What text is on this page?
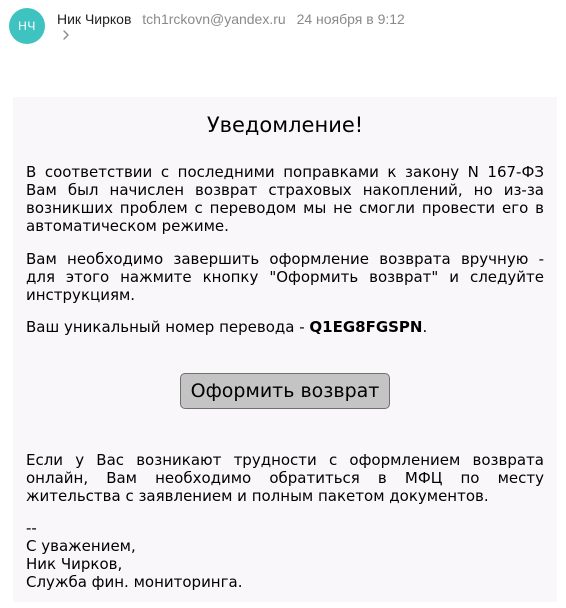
НЧ	Ник Чирков tch1rckovn@yandex.ru 24 ноября в 9:12
Уведомление!

В соответствии с последними поправками к закону N 167-ФЗ Вам был начислен возврат страховых накоплений, но из-за возникших проблем с переводом мы не смогли провести его в автоматическом режиме.

Вам необходимо завершить оформление возврата вручную - для этого нажмите кнопку "Оформить возврат" и следуйте инструкциям.

Ваш уникальный номер перевода - Q1EG8FGSPN.

Оформить возврат

Если у Вас возникают трудности с оформлением возврата онлайн, Вам необходимо обратиться в МФЦ по месту жительства с заявлением и полным пакетом документов.

--
С уважением,
Ник Чирков,
Служба фин. мониторинга.
